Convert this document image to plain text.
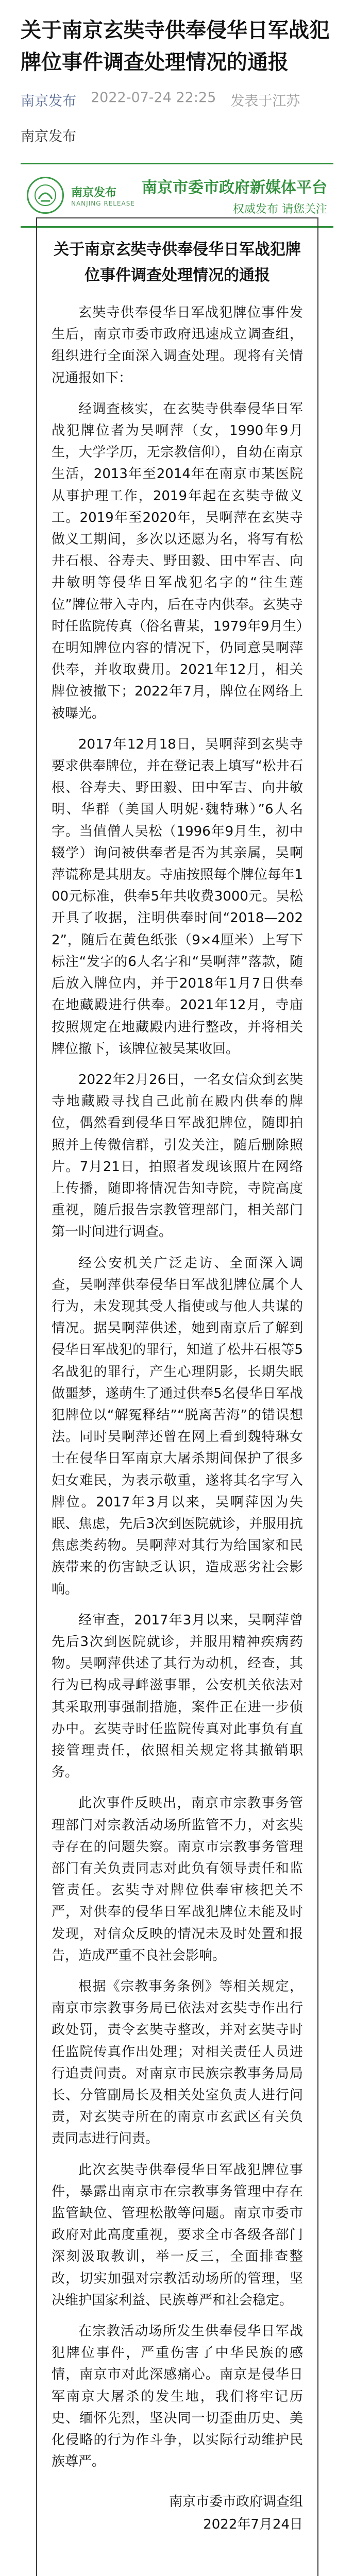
关于南京玄奘寺供奉侵华日军战犯牌位事件调查处理情况的通报
南京发布 2022-07-24 22:25 发表于江苏
南京发布
南京发布
NANJING RELEASE
南京市委市政府新媒体平台
权威发布 请您关注
关于南京玄奘寺供奉侵华日军战犯牌位事件调查处理情况的通报

玄奘寺供奉侵华日军战犯牌位事件发生后，南京市委市政府迅速成立调查组，组织进行全面深入调查处理。现将有关情况通报如下：

经调查核实，在玄奘寺供奉侵华日军战犯牌位者为吴啊萍（女，1990年9月生，大学学历，无宗教信仰），自幼在南京生活，2013年至2014年在南京市某医院从事护理工作，2019年起在玄奘寺做义工。2019年至2020年，吴啊萍在玄奘寺做义工期间，多次以还愿为名，将写有松井石根、谷寿夫、野田毅、田中军吉、向井敏明等侵华日军战犯名字的“往生莲位”牌位带入寺内，后在寺内供奉。玄奘寺时任监院传真（俗名曹某，1979年9月生）在明知牌位内容的情况下，仍同意吴啊萍供奉，并收取费用。2021年12月，相关牌位被撤下；2022年7月，牌位在网络上被曝光。

2017年12月18日，吴啊萍到玄奘寺要求供奉牌位，并在登记表上填写“松井石根、谷寿夫、野田毅、田中军吉、向井敏明、华群（美国人明妮·魏特琳）”6人名字。当值僧人吴松（1996年9月生，初中辍学）询问被供奉者是否为其亲属，吴啊萍谎称是其朋友。寺庙按照每个牌位每年100元标准，供奉5年共收费3000元。吴松开具了收据，注明供奉时间“2018—2022”，随后在黄色纸张（9×4厘米）上写下标注“发字的6人名字和“吴啊萍”落款，随后放入牌位内，并于2018年1月7日供奉在地藏殿进行供奉。2021年12月，寺庙按照规定在地藏殿内进行整改，并将相关牌位撤下，该牌位被吴某收回。

2022年2月26日，一名女信众到玄奘寺地藏殿寻找自己此前在殿内供奉的牌位，偶然看到侵华日军战犯牌位，随即拍照并上传微信群，引发关注，随后删除照片。7月21日，拍照者发现该照片在网络上传播，随即将情况告知寺院，寺院高度重视，随后报告宗教管理部门，相关部门第一时间进行调查。

经公安机关广泛走访、全面深入调查，吴啊萍供奉侵华日军战犯牌位属个人行为，未发现其受人指使或与他人共谋的情况。据吴啊萍供述，她到南京后了解到侵华日军战犯的罪行，知道了松井石根等5名战犯的罪行，产生心理阴影，长期失眠做噩梦，遂萌生了通过供奉5名侵华日军战犯牌位以“解冤释结”“脱离苦海”的错误想法。同时吴啊萍还曾在网上看到魏特琳女士在侵华日军南京大屠杀期间保护了很多妇女难民，为表示敬重，遂将其名字写入牌位。2017年3月以来，吴啊萍因为失眠、焦虑，先后3次到医院就诊，并服用抗焦虑类药物。吴啊萍对其行为给国家和民族带来的伤害缺乏认识，造成恶劣社会影响。

经审查，2017年3月以来，吴啊萍曾先后3次到医院就诊，并服用精神疾病药物。吴啊萍供述了其行为动机，经查，其行为已构成寻衅滋事罪，公安机关依法对其采取刑事强制措施，案件正在进一步侦办中。玄奘寺时任监院传真对此事负有直接管理责任，依照相关规定将其撤销职务。

此次事件反映出，南京市宗教事务管理部门对宗教活动场所监管不力，对玄奘寺存在的问题失察。南京市宗教事务管理部门有关负责同志对此负有领导责任和监管责任。玄奘寺对牌位供奉审核把关不严，对供奉的侵华日军战犯牌位未能及时发现，对信众反映的情况未及时处置和报告，造成严重不良社会影响。

根据《宗教事务条例》等相关规定，南京市宗教事务局已依法对玄奘寺作出行政处罚，责令玄奘寺整改，并对玄奘寺时任监院传真作出处理；对相关责任人员进行追责问责。对南京市民族宗教事务局局长、分管副局长及相关处室负责人进行问责，对玄奘寺所在的南京市玄武区有关负责同志进行问责。

此次玄奘寺供奉侵华日军战犯牌位事件，暴露出南京市在宗教事务管理中存在监管缺位、管理松散等问题。南京市委市政府对此高度重视，要求全市各级各部门深刻汲取教训，举一反三，全面排查整改，切实加强对宗教活动场所的管理，坚决维护国家利益、民族尊严和社会稳定。

在宗教活动场所发生供奉侵华日军战犯牌位事件，严重伤害了中华民族的感情，南京市对此深感痛心。南京是侵华日军南京大屠杀的发生地，我们将牢记历史、缅怀先烈，坚决同一切歪曲历史、美化侵略的行为作斗争，以实际行动维护民族尊严。

南京市委市政府调查组
2022年7月24日
